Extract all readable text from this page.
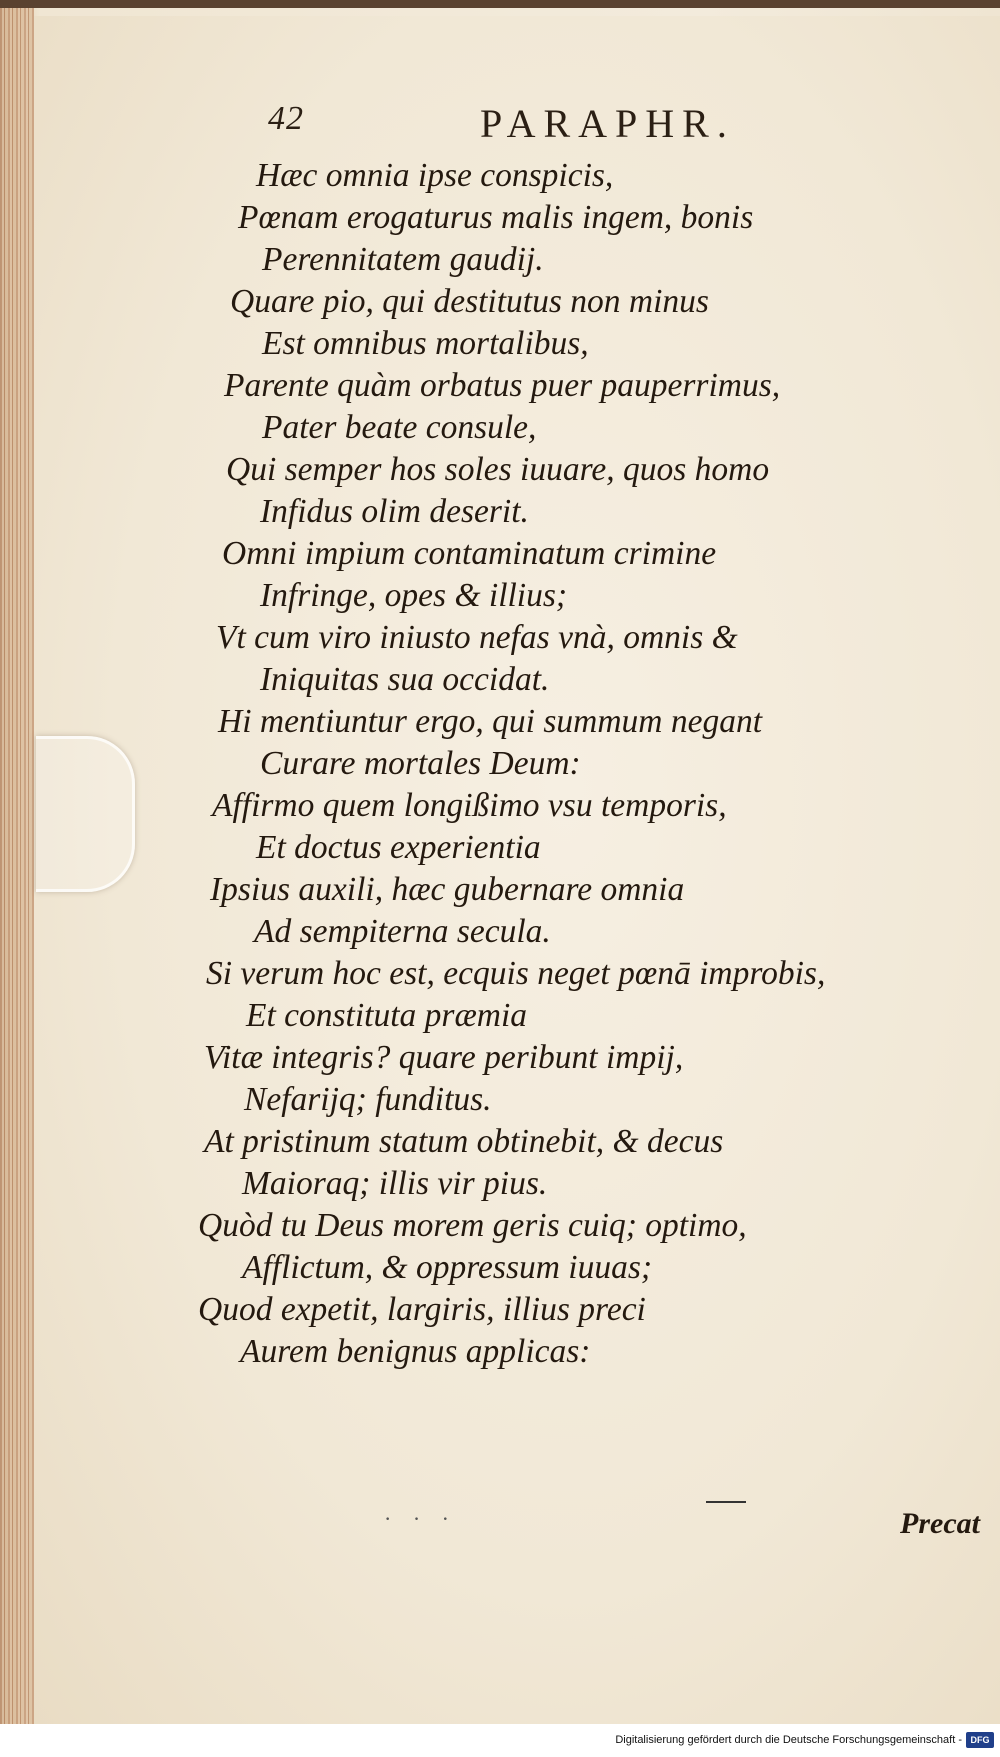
42	PARAPHR.
Hæc omnia ipse conspicis,
Pœnam erogaturus malis ingem, bonis
Perennitatem gaudij.
Quare pio, qui destitutus non minus
Est omnibus mortalibus,
Parente quàm orbatus puer pauperrimus,
Pater beate consule,
Qui semper hos soles iuuare, quos homo
Infidus olim deserit.
Omni impium contaminatum crimine
Infringe, opes & illius;
Vt cum viro iniusto nefas vnà, omnis &
Iniquitas sua occidat.
Hi mentiuntur ergo, qui summum negant
Curare mortales Deum:
Affirmo quem longißimo vsu temporis,
Et doctus experientia
Ipsius auxili, hæc gubernare omnia
Ad sempiterna secula.
Si verum hoc est, ecquis neget pœnā improbis,
Et constituta præmia
Vitæ integris? quare peribunt impij,
Nefarijq; funditus.
At pristinum statum obtinebit, & decus
Maioraq; illis vir pius.
Quòd tu Deus morem geris cuiq; optimo,
Afflictum, & oppressum iuuas;
Quod expetit, largiris, illius preci
Aurem benignus applicas:
· · ·	Precat
Digitalisierung gefördert durch die Deutsche Forschungsgemeinschaft - DFG
